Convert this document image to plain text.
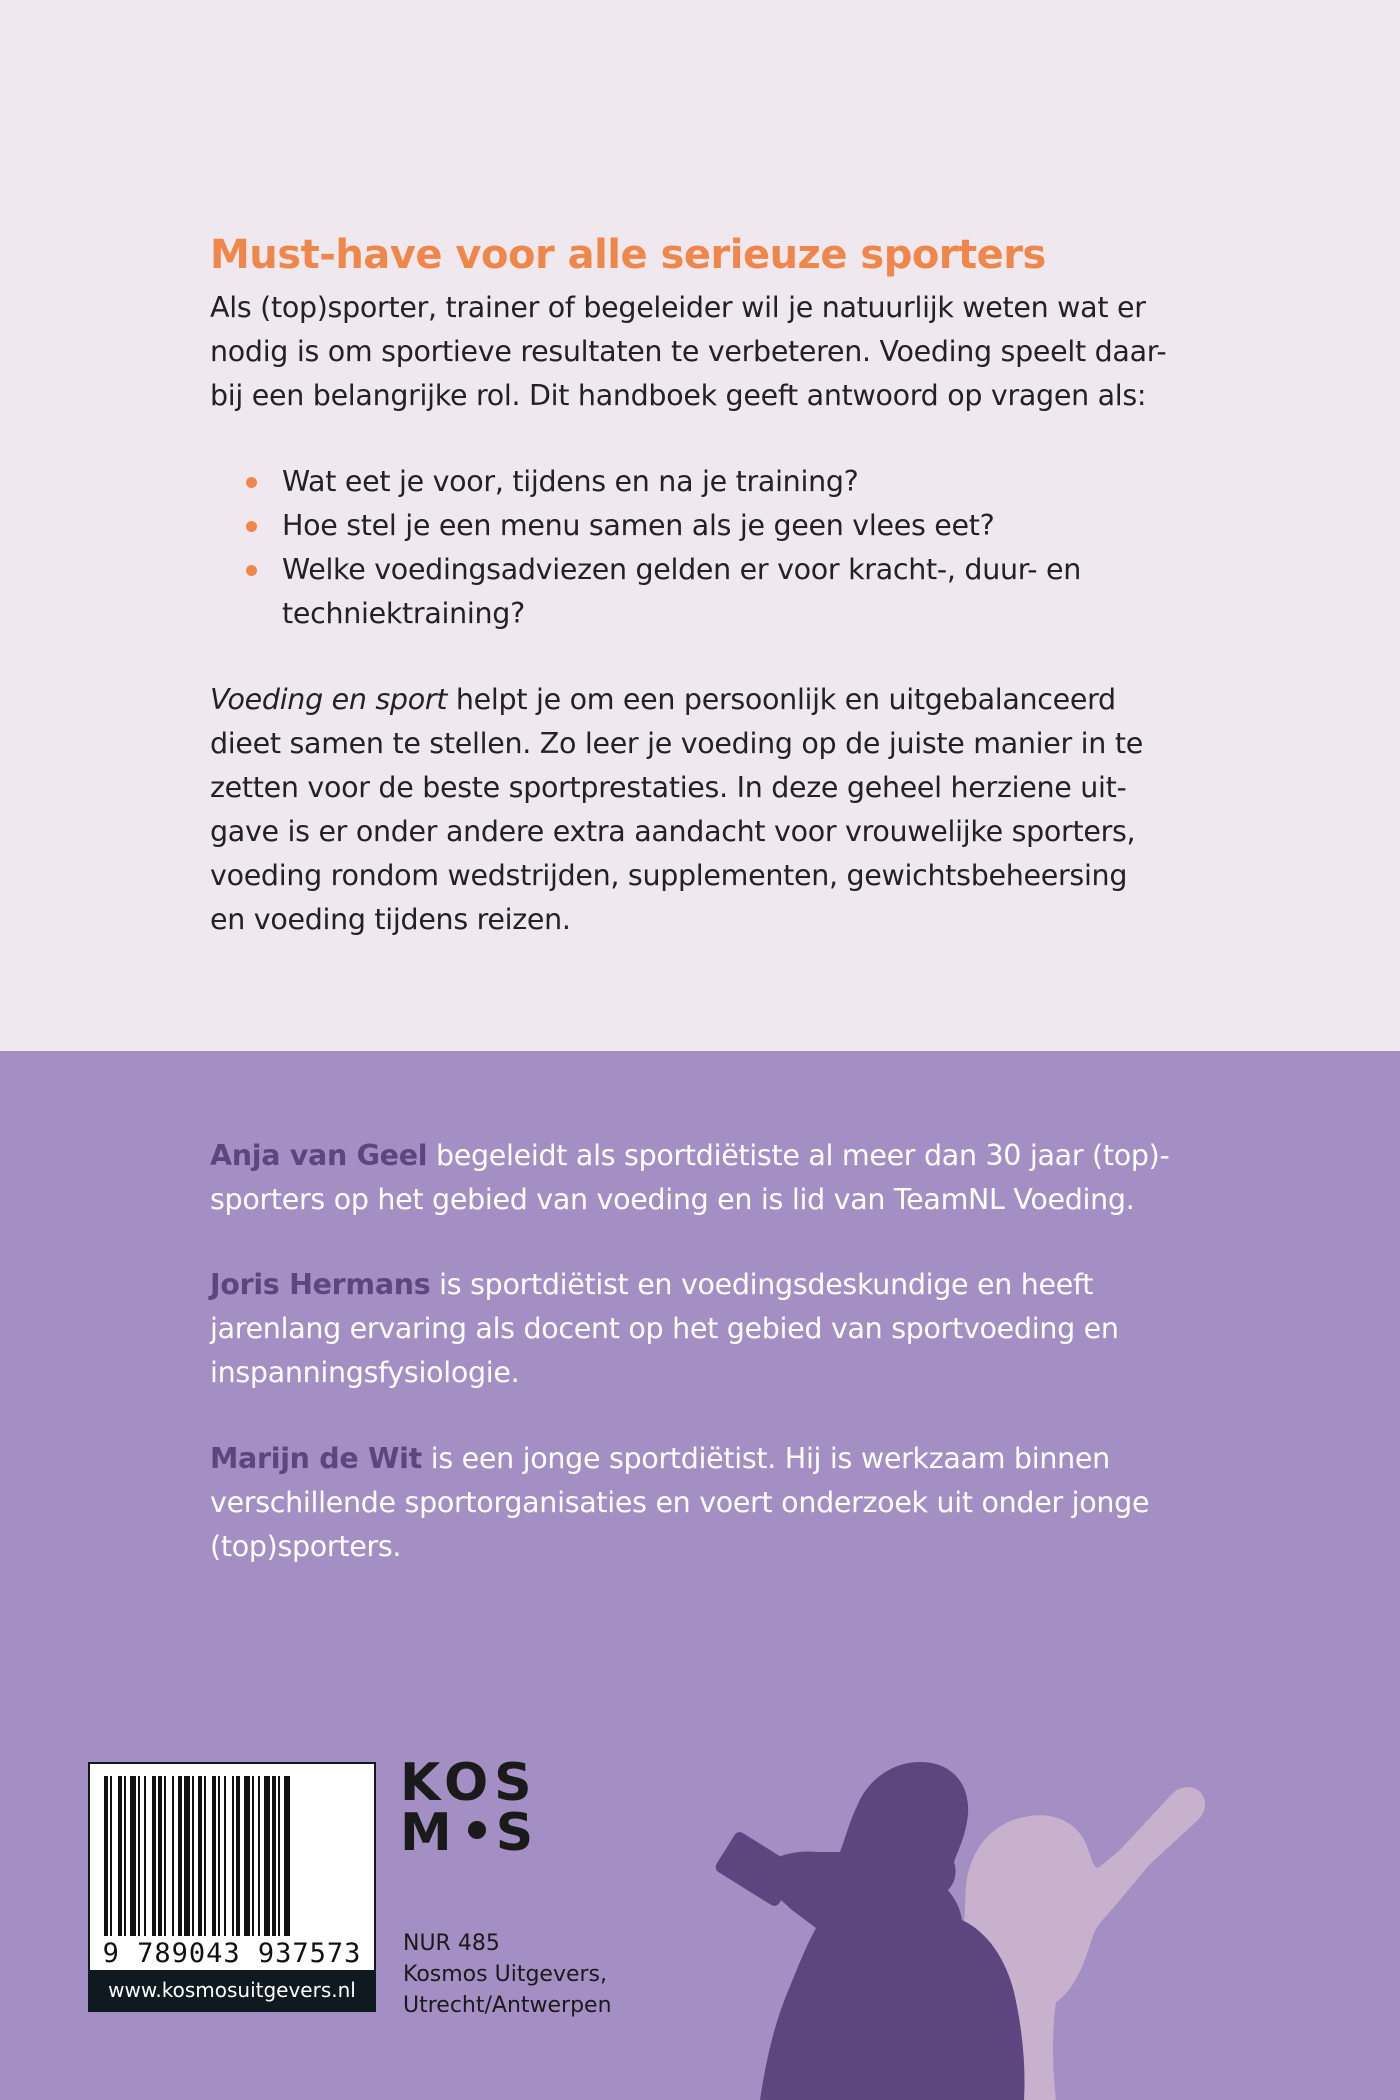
Must-have voor alle serieuze sporters

Als (top)sporter, trainer of begeleider wil je natuurlijk weten wat er

nodig is om sportieve resultaten te verbeteren. Voeding speelt daar-

bij een belangrijke rol. Dit handboek geeft antwoord op vragen als:

Wat eet je voor, tijdens en na je training?
Hoe stel je een menu samen als je geen vlees eet?
Welke voedingsadviezen gelden er voor kracht-, duur- en
techniektraining?

Voeding en sport helpt je om een persoonlijk en uitgebalanceerd

dieet samen te stellen. Zo leer je voeding op de juiste manier in te

zetten voor de beste sportprestaties. In deze geheel herziene uit-

gave is er onder andere extra aandacht voor vrouwelijke sporters,

voeding rondom wedstrijden, supplementen, gewichtsbeheersing

en voeding tijdens reizen.

Anja van Geel begeleidt als sportdiëtiste al meer dan 30 jaar (top)-
sporters op het gebied van voeding en is lid van TeamNL Voeding.
Joris Hermans is sportdiëtist en voedingsdeskundige en heeft
jarenlang ervaring als docent op het gebied van sportvoeding en
inspanningsfysiologie.
Marijn de Wit is een jonge sportdiëtist. Hij is werkzaam binnen
verschillende sportorganisaties en voert onderzoek uit onder jonge
(top)sporters.
9 789043 937573
www.kosmosuitgevers.nl
KOS
M S
NUR 485
Kosmos Uitgevers,
Utrecht/Antwerpen
